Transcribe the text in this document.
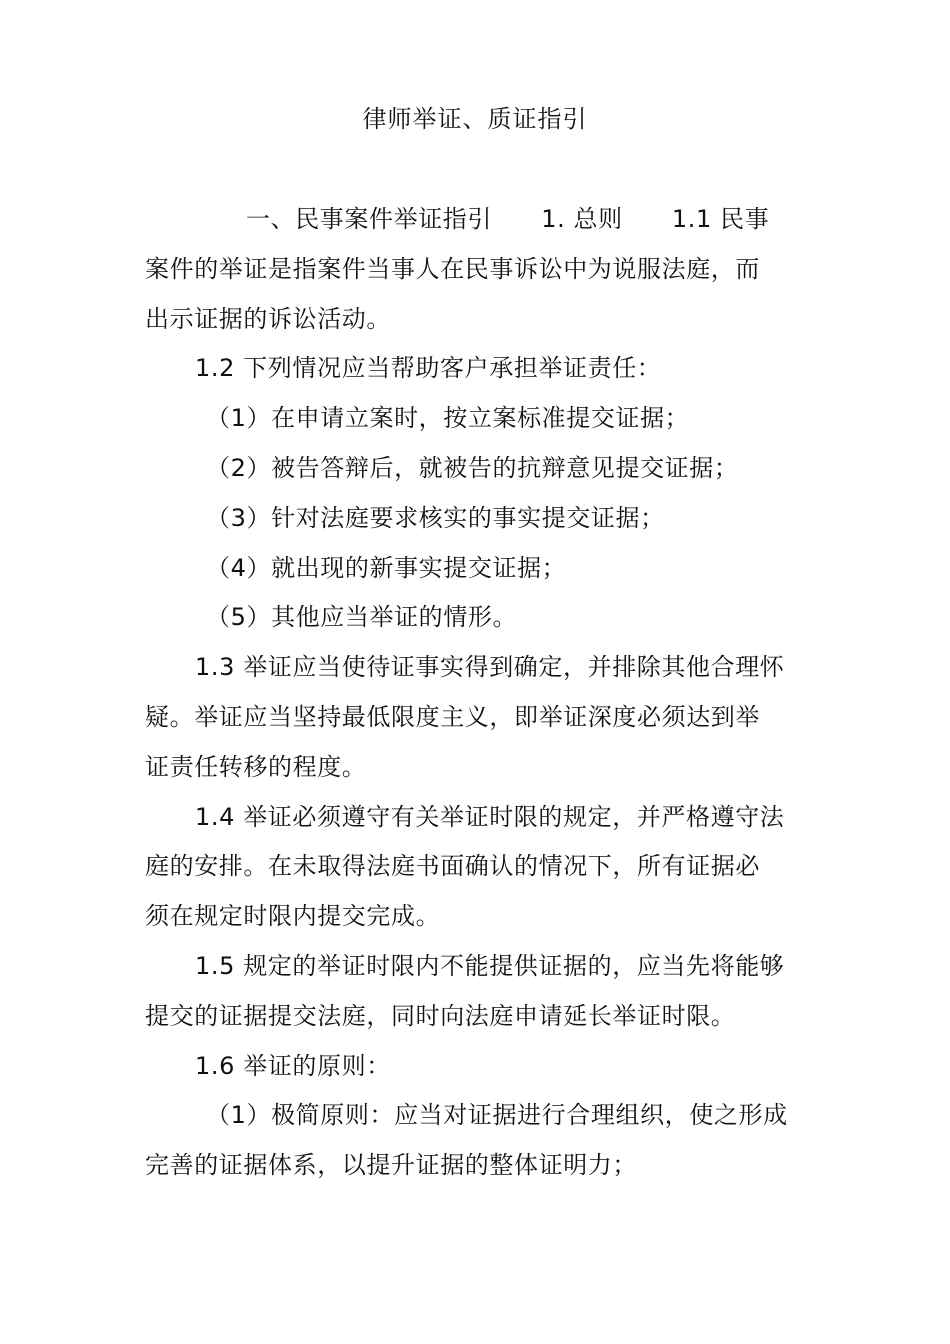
律师举证、质证指引
一、民事案件举证指引　　1. 总则　　1.1 民事
案件的举证是指案件当事人在民事诉讼中为说服法庭，而
出示证据的诉讼活动。
1.2 下列情况应当帮助客户承担举证责任：
（1）在申请立案时，按立案标准提交证据；
（2）被告答辩后，就被告的抗辩意见提交证据；
（3）针对法庭要求核实的事实提交证据；
（4）就出现的新事实提交证据；
（5）其他应当举证的情形。
1.3 举证应当使待证事实得到确定，并排除其他合理怀
疑。举证应当坚持最低限度主义，即举证深度必须达到举
证责任转移的程度。
1.4 举证必须遵守有关举证时限的规定，并严格遵守法
庭的安排。在未取得法庭书面确认的情况下，所有证据必
须在规定时限内提交完成。
1.5 规定的举证时限内不能提供证据的，应当先将能够
提交的证据提交法庭，同时向法庭申请延长举证时限。
1.6 举证的原则：
（1）极简原则：应当对证据进行合理组织，使之形成
完善的证据体系，以提升证据的整体证明力；
